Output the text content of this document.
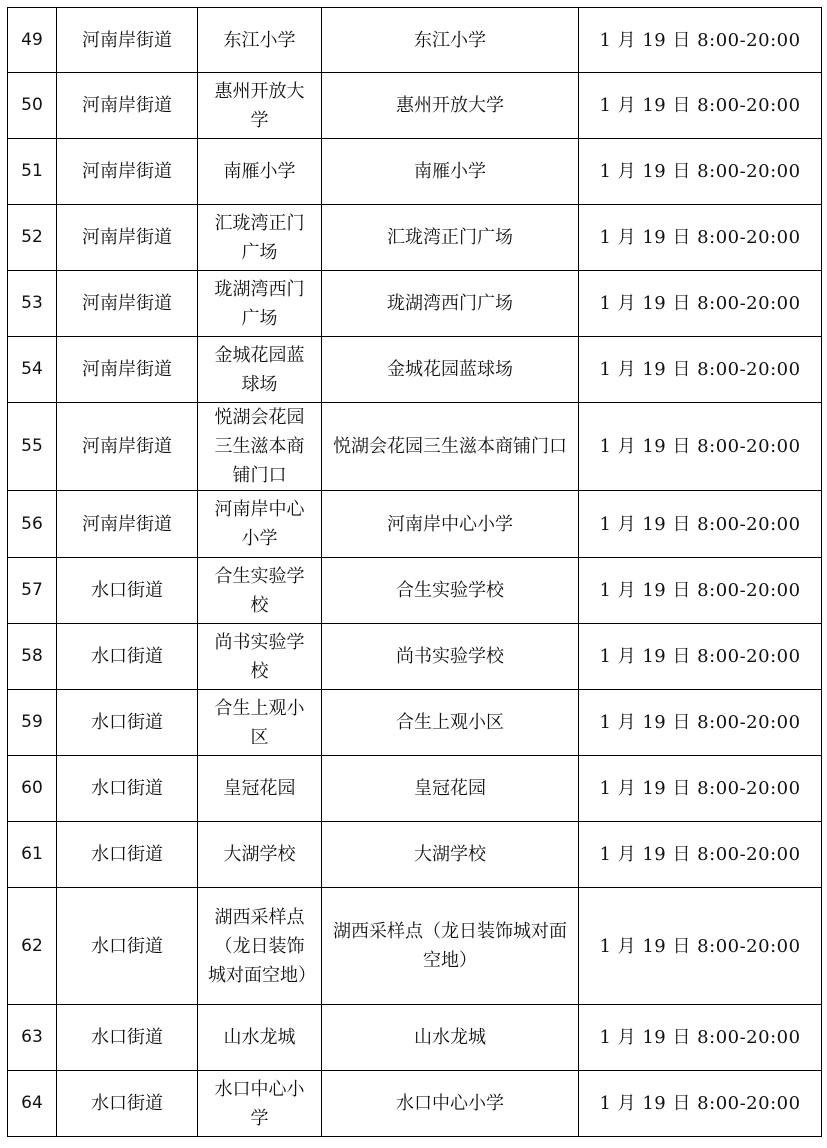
49	河南岸街道	东江小学	东江小学	1 月 19 日 8:00-20:00
50	河南岸街道	惠州开放大学	惠州开放大学	1 月 19 日 8:00-20:00
51	河南岸街道	南雁小学	南雁小学	1 月 19 日 8:00-20:00
52	河南岸街道	汇珑湾正门广场	汇珑湾正门广场	1 月 19 日 8:00-20:00
53	河南岸街道	珑湖湾西门广场	珑湖湾西门广场	1 月 19 日 8:00-20:00
54	河南岸街道	金城花园蓝球场	金城花园蓝球场	1 月 19 日 8:00-20:00
55	河南岸街道	悦湖会花园三生滋本商铺门口	悦湖会花园三生滋本商铺门口	1 月 19 日 8:00-20:00
56	河南岸街道	河南岸中心小学	河南岸中心小学	1 月 19 日 8:00-20:00
57	水口街道	合生实验学校	合生实验学校	1 月 19 日 8:00-20:00
58	水口街道	尚书实验学校	尚书实验学校	1 月 19 日 8:00-20:00
59	水口街道	合生上观小区	合生上观小区	1 月 19 日 8:00-20:00
60	水口街道	皇冠花园	皇冠花园	1 月 19 日 8:00-20:00
61	水口街道	大湖学校	大湖学校	1 月 19 日 8:00-20:00
62	水口街道	湖西采样点（龙日装饰城对面空地）	湖西采样点（龙日装饰城对面空地）	1 月 19 日 8:00-20:00
63	水口街道	山水龙城	山水龙城	1 月 19 日 8:00-20:00
64	水口街道	水口中心小学	水口中心小学	1 月 19 日 8:00-20:00
